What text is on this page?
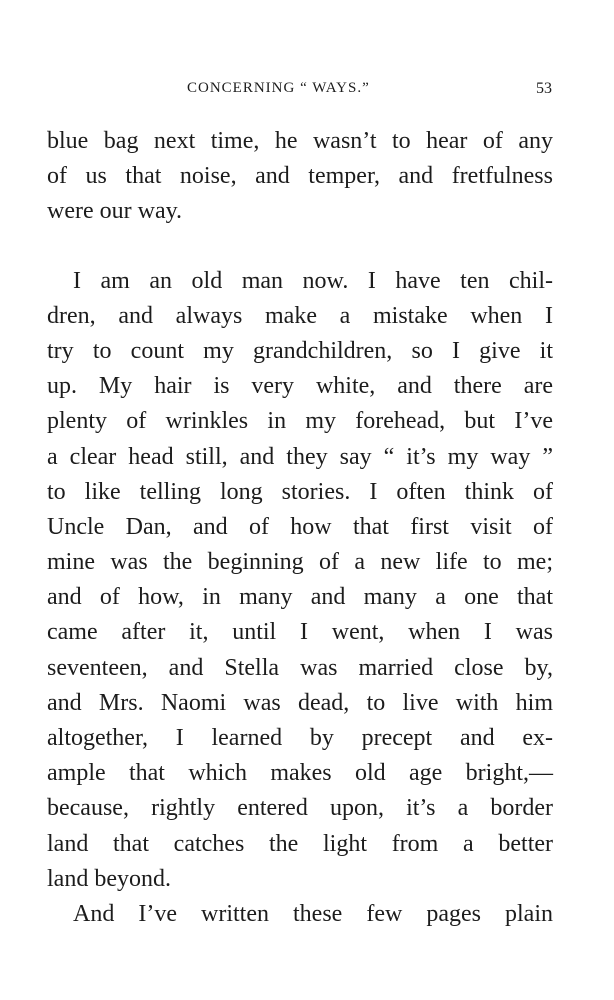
CONCERNING “ WAYS.”	53
blue bag next time, he wasn’t to hear of any
of us that noise, and temper, and fretfulness
were our way.
I am an old man now. I have ten chil-
dren, and always make a mistake when I
try to count my grandchildren, so I give it
up. My hair is very white, and there are
plenty of wrinkles in my forehead, but I’ve
a clear head still, and they say “ it’s my way ”
to like telling long stories. I often think of
Uncle Dan, and of how that first visit of
mine was the beginning of a new life to me;
and of how, in many and many a one that
came after it, until I went, when I was
seventeen, and Stella was married close by,
and Mrs. Naomi was dead, to live with him
altogether, I learned by precept and ex-
ample that which makes old age bright,—
because, rightly entered upon, it’s a border
land that catches the light from a better
land beyond.
And I’ve written these few pages plain
